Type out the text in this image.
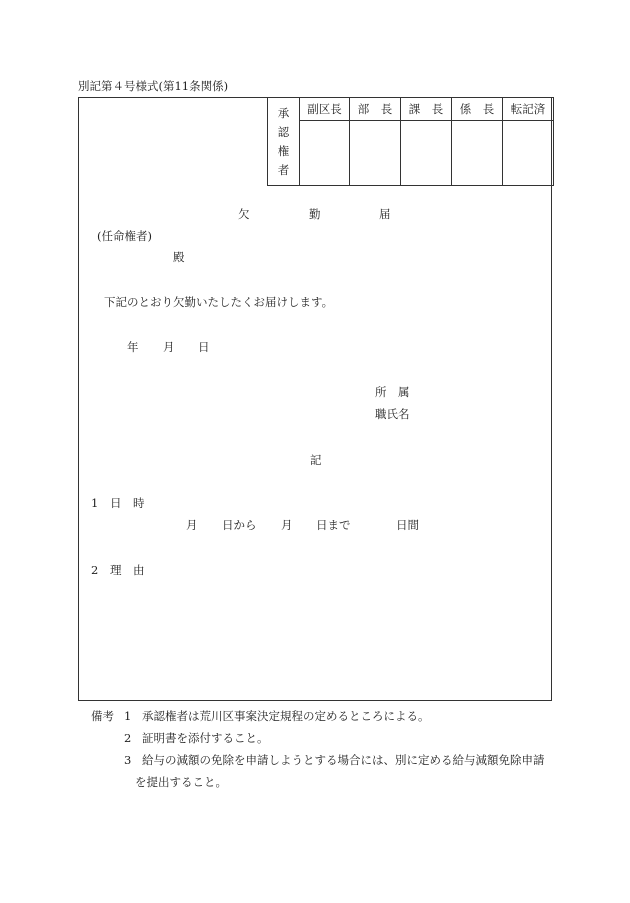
別記第４号様式(第11条関係)
承
認
権
者	副区長	部　長	課　長	係　長	転記済

欠	勤	届
(任命権者)
殿
下記のとおり欠勤いたしたくお届けします。
年 月 日
所　属
職氏名
記
1 日　時
月 日から 月 日まで	日間
2 理　由
備考 1 承認権者は荒川区事案決定規程の定めるところによる。
2 証明書を添付すること。
3 給与の減額の免除を申請しようとする場合には、別に定める給与減額免除申請
を提出すること。
